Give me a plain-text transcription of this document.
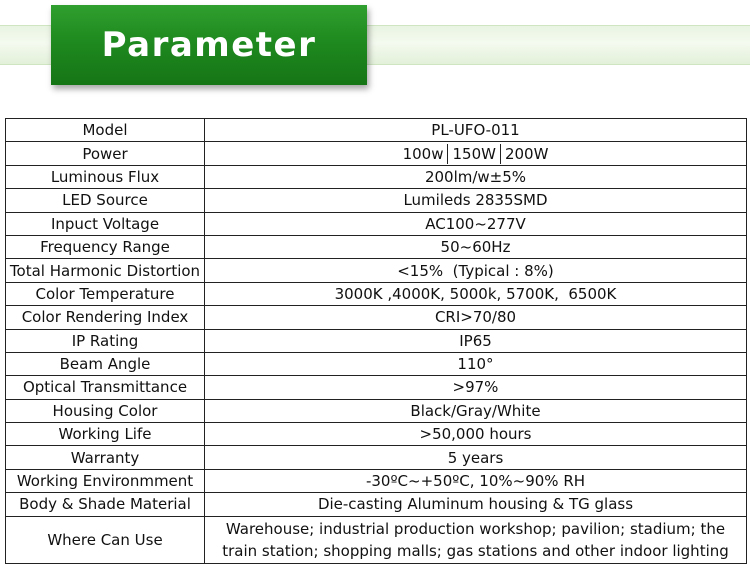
Parameter
Model	PL-UFO-011
Power	100w 150W 200W

Luminous Flux	200lm/w±5%
LED Source	Lumileds 2835SMD
Inpuct Voltage	AC100~277V
Frequency Range	50~60Hz
Total Harmonic Distortion	<15%  (Typical : 8%)
Color Temperature	3000K ,4000K, 5000k, 5700K,  6500K
Color Rendering Index	CRI>70/80
IP Rating	IP65
Beam Angle	110°
Optical Transmittance	>97%
Housing Color	Black/Gray/White
Working Life	>50,000 hours
Warranty	5 years
Working Environmment	-30ºC~+50ºC, 10%~90% RH
Body & Shade Material	Die-casting Aluminum housing & TG glass
Where Can Use	Warehouse; industrial production workshop; pavilion; stadium; the train station; shopping malls; gas stations and other indoor lighting
